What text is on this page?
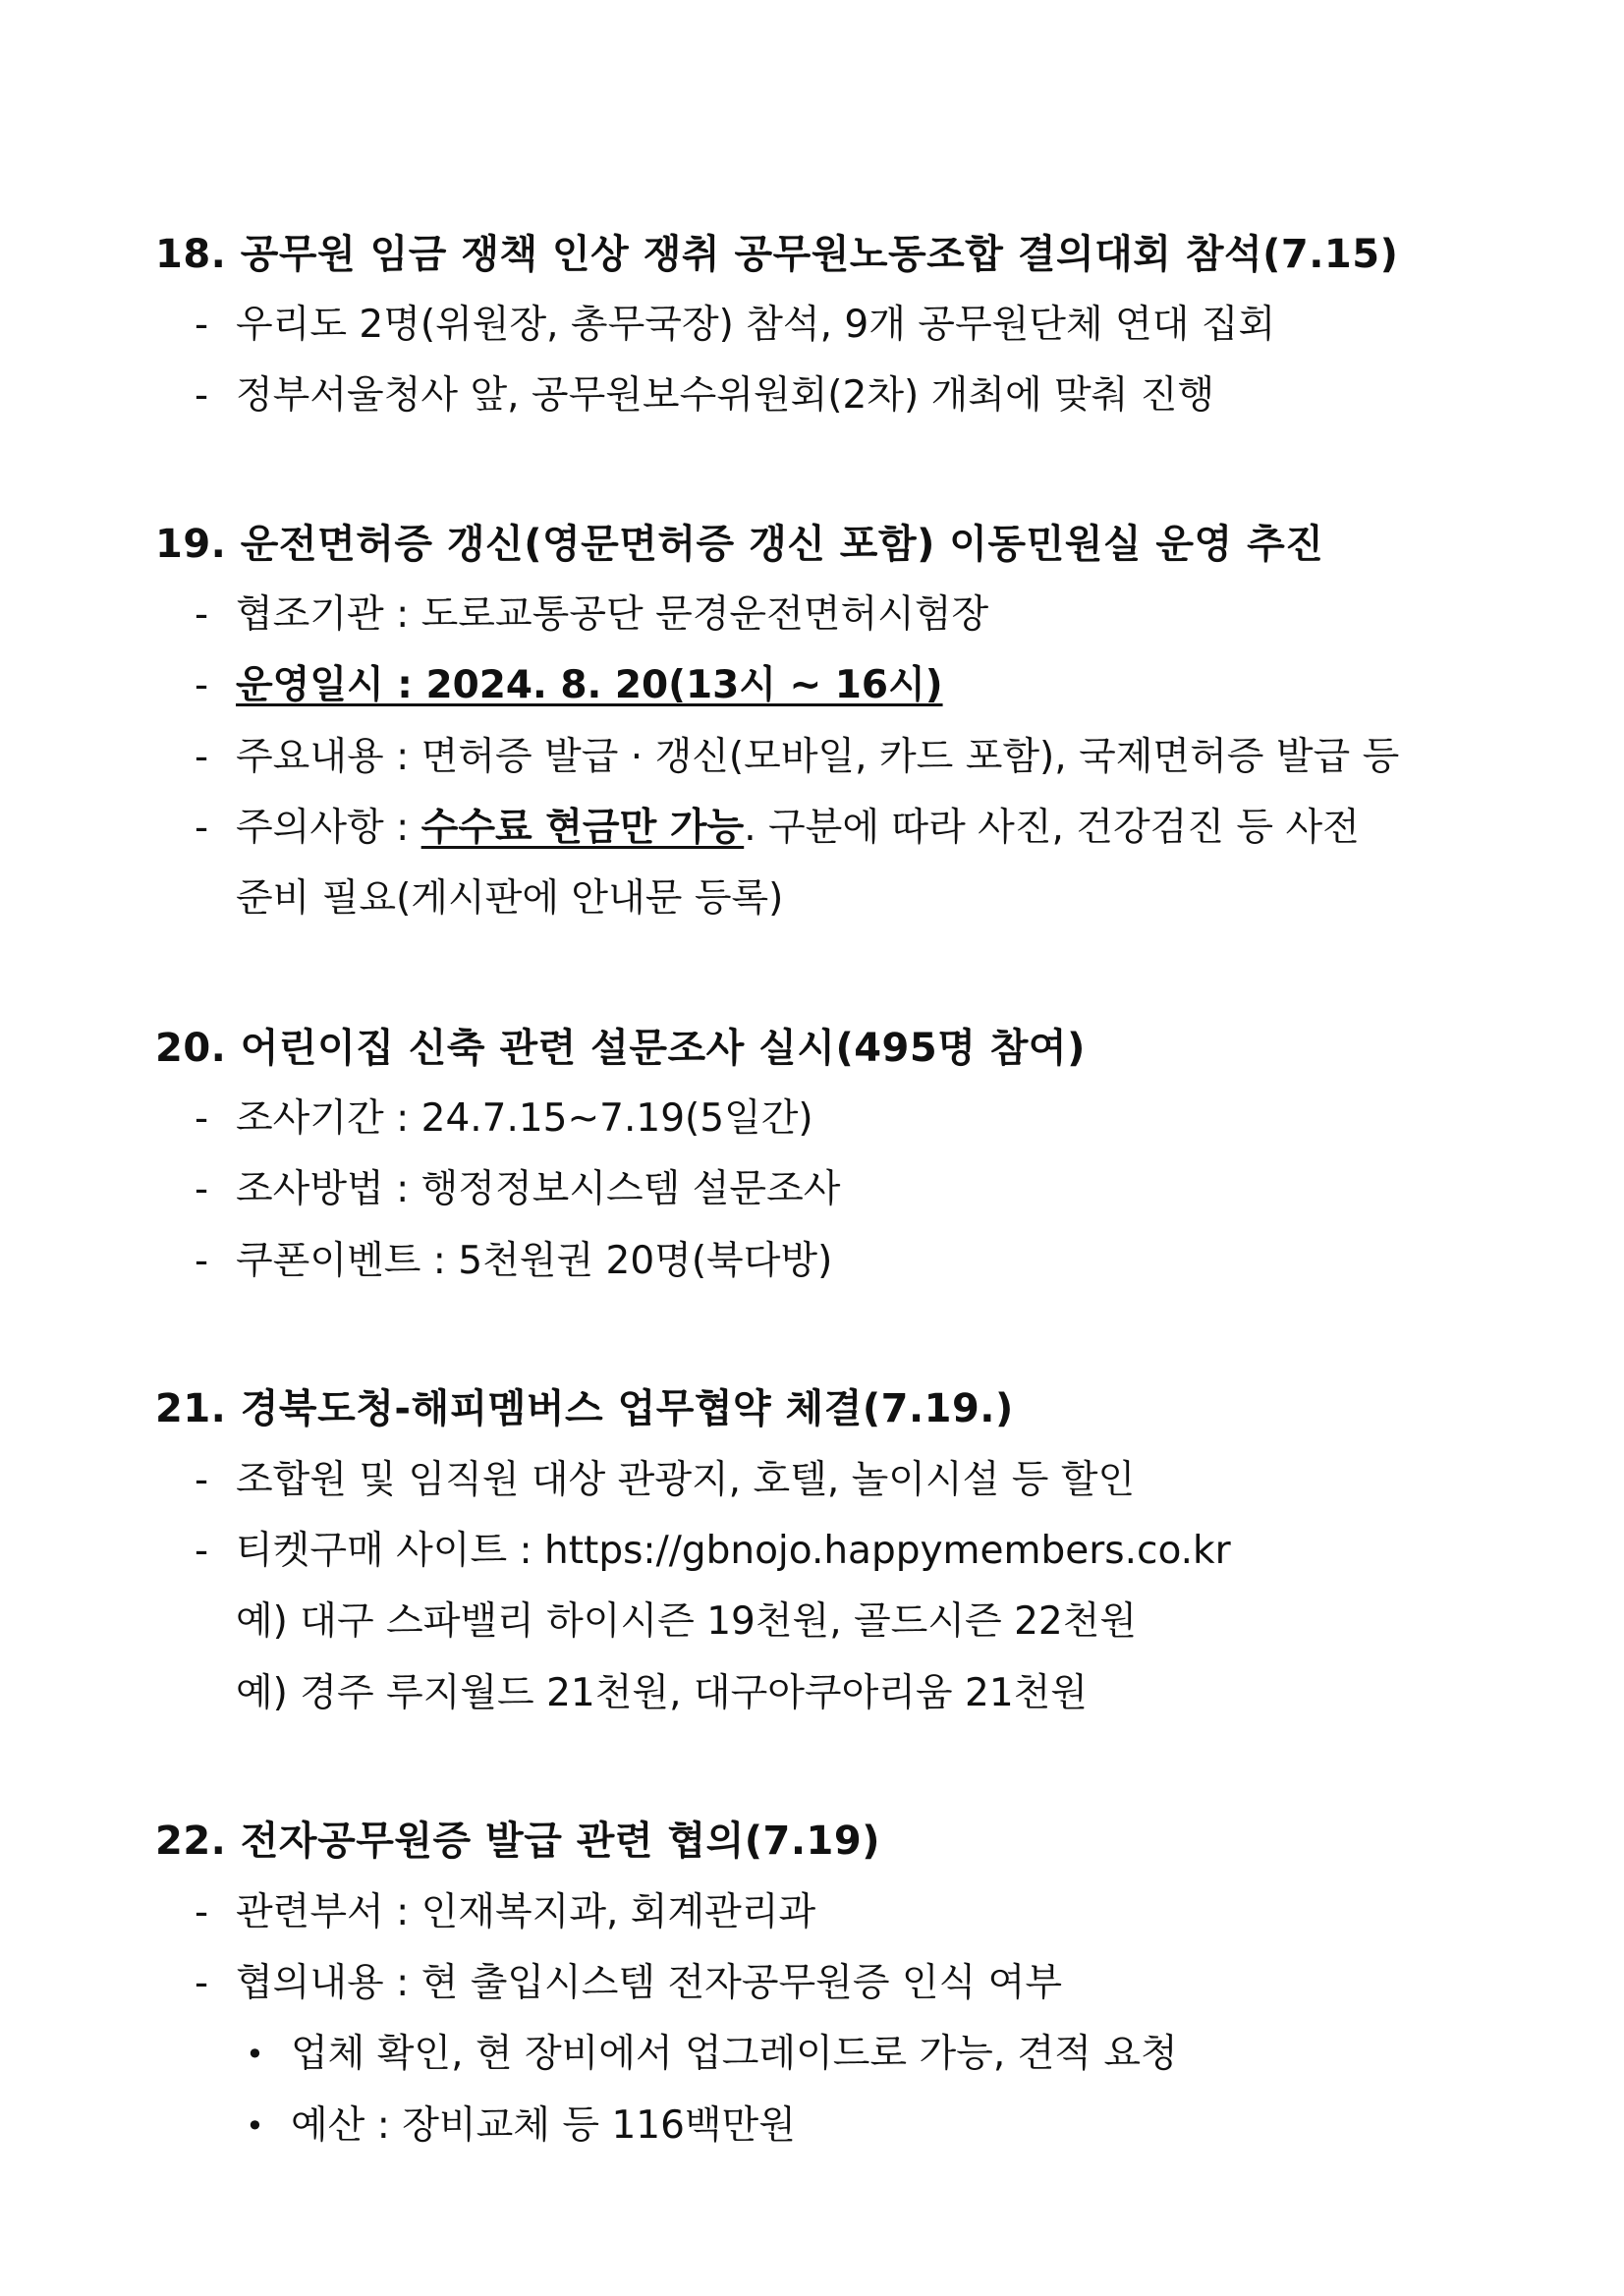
18. 공무원 임금 쟁책 인상 쟁취 공무원노동조합 결의대회 참석(7.15)
- 우리도 2명(위원장, 총무국장) 참석, 9개 공무원단체 연대 집회
- 정부서울청사 앞, 공무원보수위원회(2차) 개최에 맞춰 진행
19. 운전면허증 갱신(영문면허증 갱신 포함) 이동민원실 운영 추진
- 협조기관 : 도로교통공단 문경운전면허시험장
- 운영일시 : 2024. 8. 20(13시 ~ 16시)
- 주요내용 : 면허증 발급 · 갱신(모바일, 카드 포함), 국제면허증 발급 등
- 주의사항 : 수수료 현금만 가능. 구분에 따라 사진, 건강검진 등 사전
준비 필요(게시판에 안내문 등록)
20. 어린이집 신축 관련 설문조사 실시(495명 참여)
- 조사기간 : 24.7.15~7.19(5일간)
- 조사방법 : 행정정보시스템 설문조사
- 쿠폰이벤트 : 5천원권 20명(북다방)
21. 경북도청-해피멤버스 업무협약 체결(7.19.)
- 조합원 및 임직원 대상 관광지, 호텔, 놀이시설 등 할인
- 티켓구매 사이트 : https://gbnojo.happymembers.co.kr
예) 대구 스파밸리 하이시즌 19천원, 골드시즌 22천원
예) 경주 루지월드 21천원, 대구아쿠아리움 21천원
22. 전자공무원증 발급 관련 협의(7.19)
- 관련부서 : 인재복지과, 회계관리과
- 협의내용 : 현 출입시스템 전자공무원증 인식 여부
• 업체 확인, 현 장비에서 업그레이드로 가능, 견적 요청
• 예산 : 장비교체 등 116백만원
